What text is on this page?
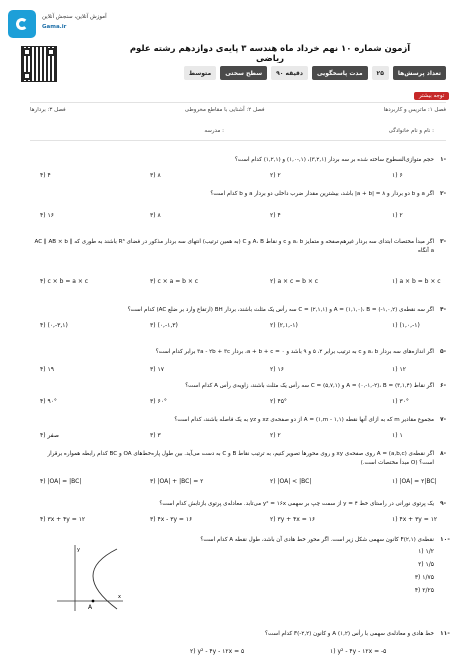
آموزش آنلاین، سنجش آنلاین
Gama.ir
آزمون شماره ۱۰ نهم خرداد ماه هندسه ۳ پایه‌ی دوازدهم رشته علوم ریاضی
تعداد پرسش‌ها
۲۵
مدت پاسخگویی
۹۰ دقیقه
سطح سختی
متوسط
توجه بیشتر
فصل ۱: ماتریس و کاربردها
فصل ۲: آشنایی با مقاطع مخروطی
فصل ۳: بردارها
نام و نام خانوادگی :
مدرسه :
۱-
حجم متوازی‌السطوح ساخته شده بر سه بردار (۳,۲,۱)، (۱,-۱,۰) و (۱,۲,۱) کدام است؟
۱) ۶
۲) ۲
۳) ۸
۴) ۴
۲-
اگر a و b دو بردار و ۸ = |a + b| باشد، بیشترین مقدار ضرب داخلی دو بردار a و b کدام است؟
۱) ۲
۲) ۴
۳) ۸
۴) ۱۶
۳-
اگر مبدأ مختصات ابتدای سه بردار غیرهم‌صفحه و متمایز a، b و c و نقاط A، B و C (به همین ترتیب) انتهای سه بردار مذکور در فضای R³ باشند به طوری که AC ∥ AB × b ∥ a آنگاه
۱) a × b = b × c
۲) a × c = b × c
۳) c × a = b × c
۴) c × b = a × c
۴-
اگر سه نقطه‌ی A = (۱,۱,۰)، B = (-۱,۰,۲) و C = (۲,۱,۱) سه رأس یک مثلث باشند، بردار BH (ارتفاع وارد بر ضلع AC) کدام است؟
۱) (۱,۰,-۱)
۲) (۲,۱,-۱)
۳) (۰,-۱,۳)
۴) (۰,-۳,۱)
۵-
اگر اندازه‌های سه بردار a، b و c به ترتیب برابر ۲، ۵ و ۹ باشد و a + b + c = ۰، بردار ۳a - ۲b + ۳c برابر کدام است؟
۱) ۱۲
۲) ۱۶
۳) ۱۷
۴) ۱۹
۶-
اگر نقاط A = (۰,-۱,-۲)، B = (۳,۱,۴) و C = (۵,۷,۱) سه رأس یک مثلث باشند، زاویه‌ی رأس A کدام است؟
۱) ۳۰°
۲) ۴۵°
۳) ۶۰°
۴) ۹۰°
۷-
مجموع مقادیر m که به ازای آنها نقطه A = (۱,m - ۱,۱) از دو صفحه‌ی xz و yz به یک فاصله باشند، کدام است؟
۱) ۱
۲) ۲
۳) ۳
۴) صفر
۸-
اگر نقطه‌ی A = (a,b,c) روی صفحه‌ی xy و روی محور‌ها تصویر کنیم، به ترتیب نقاط B و C به دست می‌آید. بین طول پاره‌خط‌های OA و BC کدام رابطه همواره برقرار است؟ (O مبدأ مختصات است.)
۱) |OA| = ۲|BC|
۲) |OA| < |BC|
۳) |OA| + |BC| = ۲
۴) |OA| = |BC|
۹-
یک پرتوی نورانی در راستای خط ۴ = y از سمت چپ بر سهمی y² = ۱۶x می‌تابد. معادله‌ی پرتوی بازتابش کدام است؟
۱) ۴x + ۳y = ۱۲
۲) ۳y + ۴x = ۱۶
۳) ۴x - ۳y = ۱۶
۴) ۳x + ۴y = ۱۲
۱۰-
نقطه‌ی F(۲,۱) کانون سهمی شکل زیر است. اگر محور خط هادی آن باشد، طول نقطه A کدام است؟
۱) ۱/۲
۲) ۱/۵
۳) ۱/۷۵
۴) ۲/۲۵
۱۱-
خط هادی و معادله‌ی سهمی با رأس (۱,۲) A و کانون F(-۲,۲) کدام است؟
۱) y² - ۴y - ۱۲x = -۵
۲) y² - ۴y - ۱۲x = ۵
A
y
x
